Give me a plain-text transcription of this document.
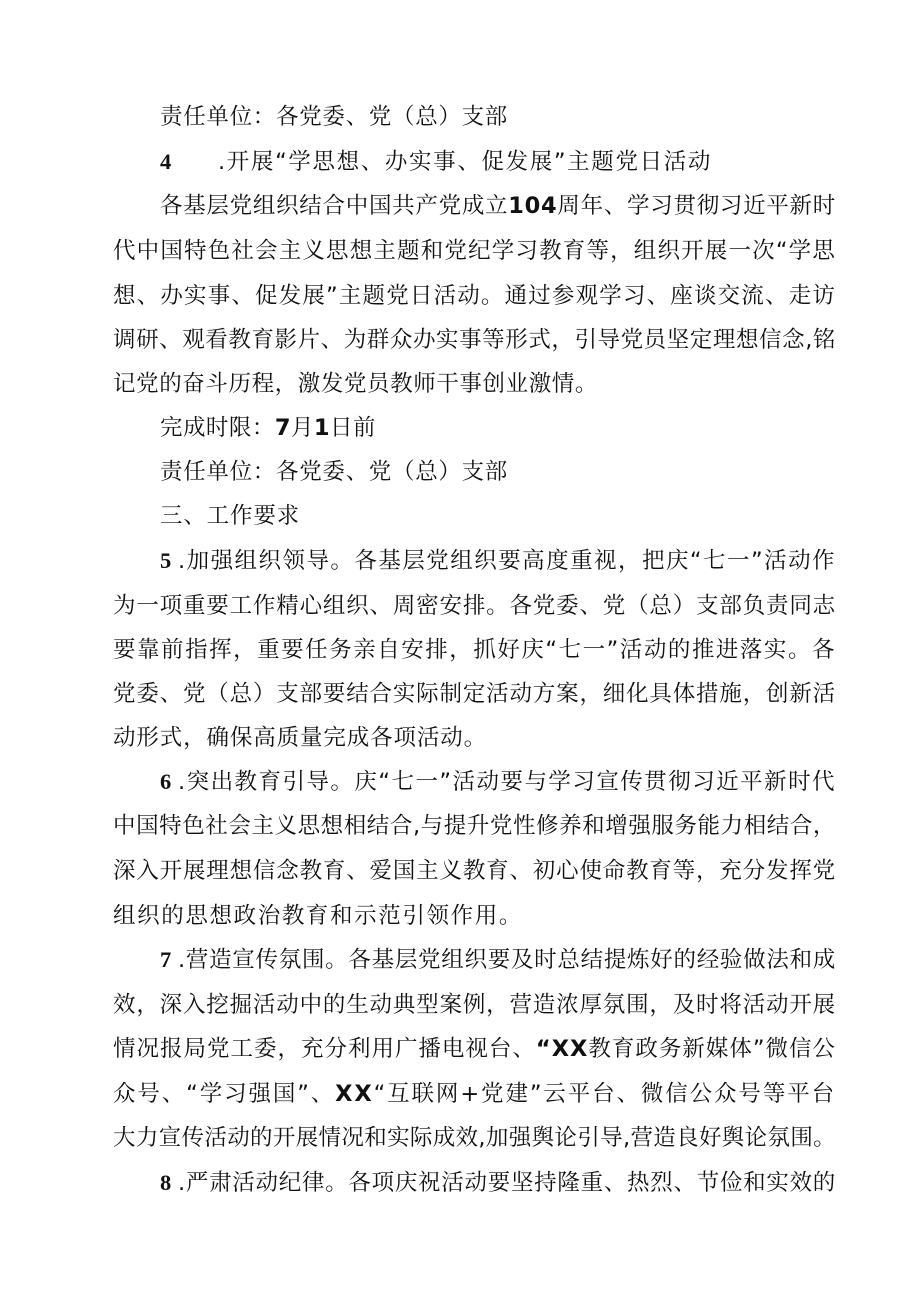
责任单位：各党委、党（总）支部
4 .开展“学思想、办实事、促发展”主题党日活动
各基层党组织结合中国共产党成立104周年、学习贯彻习近平新时
代中国特色社会主义思想主题和党纪学习教育等，组织开展一次“学思
想、办实事、促发展”主题党日活动。通过参观学习、座谈交流、走访
调研、观看教育影片、为群众办实事等形式，引导党员坚定理想信念,铭
记党的奋斗历程，激发党员教师干事创业激情。
完成时限：7月1日前
责任单位：各党委、党（总）支部
三、工作要求
5 .加强组织领导。各基层党组织要高度重视，把庆“七一”活动作
为一项重要工作精心组织、周密安排。各党委、党（总）支部负责同志
要靠前指挥，重要任务亲自安排，抓好庆“七一”活动的推进落实。各
党委、党（总）支部要结合实际制定活动方案，细化具体措施，创新活
动形式，确保高质量完成各项活动。
6 .突出教育引导。庆“七一”活动要与学习宣传贯彻习近平新时代
中国特色社会主义思想相结合,与提升党性修养和增强服务能力相结合，
深入开展理想信念教育、爱国主义教育、初心使命教育等，充分发挥党
组织的思想政治教育和示范引领作用。
7 .营造宣传氛围。各基层党组织要及时总结提炼好的经验做法和成
效，深入挖掘活动中的生动典型案例，营造浓厚氛围，及时将活动开展
情况报局党工委，充分利用广播电视台、“XX教育政务新媒体”微信公
众号、“学习强国”、XX“互联网+党建”云平台、微信公众号等平台
大力宣传活动的开展情况和实际成效,加强舆论引导,营造良好舆论氛围。
8 .严肃活动纪律。各项庆祝活动要坚持隆重、热烈、节俭和实效的
